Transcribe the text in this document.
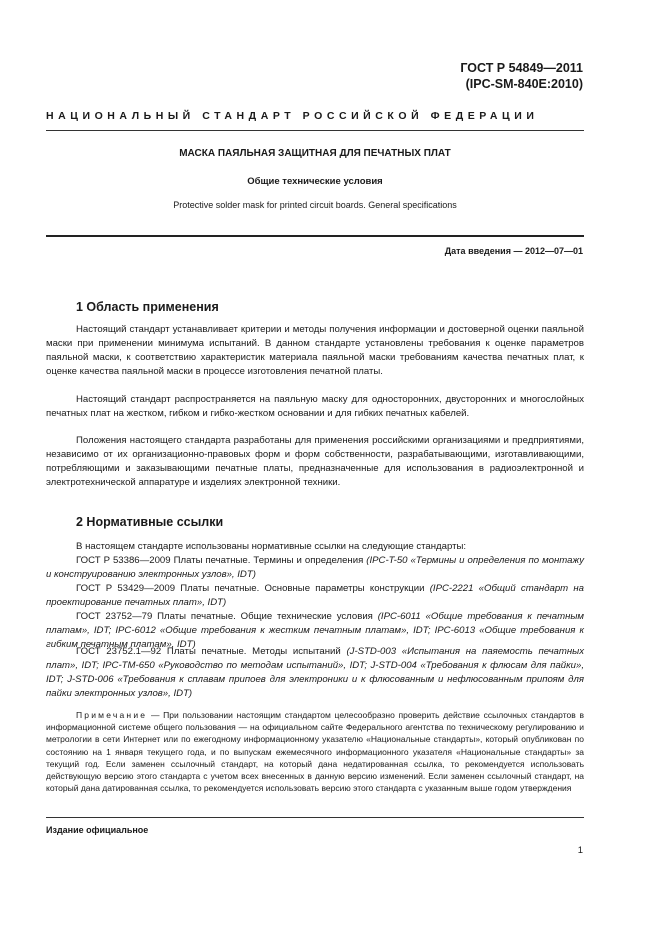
ГОСТ Р 54849—2011
(IPC-SM-840E:2010)
НАЦИОНАЛЬНЫЙ СТАНДАРТ РОССИЙСКОЙ ФЕДЕРАЦИИ
МАСКА ПАЯЛЬНАЯ ЗАЩИТНАЯ ДЛЯ ПЕЧАТНЫХ ПЛАТ
Общие технические условия
Protective solder mask for printed circuit boards. General specifications
Дата введения — 2012—07—01
1 Область применения

Настоящий стандарт устанавливает критерии и методы получения информации и достоверной оценки паяльной маски при применении минимума испытаний. В данном стандарте установлены требования к оценке параметров паяльной маски, к соответствию характеристик материала паяльной маски требованиям качества печатных плат, к оценке качества паяльной маски в процессе изготовления печатной платы.

Настоящий стандарт распространяется на паяльную маску для односторонних, двусторонних и многослойных печатных плат на жестком, гибком и гибко-жестком основании и для гибких печатных кабелей.

Положения настоящего стандарта разработаны для применения российскими организациями и предприятиями, независимо от их организационно-правовых форм и форм собственности, разрабатывающими, изготавливающими, потребляющими и заказывающими печатные платы, предназначенные для использования в радиоэлектронной и электротехнической аппаратуре и изделиях электронной техники.

2 Нормативные ссылки

В настоящем стандарте использованы нормативные ссылки на следующие стандарты:

ГОСТ Р 53386—2009 Платы печатные. Термины и определения (IPC-T-50 «Термины и определения по монтажу и конструированию электронных узлов», IDT)

ГОСТ Р 53429—2009 Платы печатные. Основные параметры конструкции (IPC-2221 «Общий стандарт на проектирование печатных плат», IDT)

ГОСТ 23752—79 Платы печатные. Общие технические условия (IPC-6011 «Общие требования к печатным платам», IDT; IPC-6012 «Общие требования к жестким печатным платам», IDT; IPC-6013 «Общие требования к гибким печатным платам», IDT)

ГОСТ 23752.1—92 Платы печатные. Методы испытаний (J-STD-003 «Испытания на паяемость печатных плат», IDT; IPC-TM-650 «Руководство по методам испытаний», IDT; J-STD-004 «Требования к флюсам для пайки», IDT; J-STD-006 «Требования к сплавам припоев для электроники и к флюсованным и нефлюсованным припоям для пайки электронных узлов», IDT)

Примечание — При пользовании настоящим стандартом целесообразно проверить действие ссылочных стандартов в информационной системе общего пользования — на официальном сайте Федерального агентства по техническому регулированию и метрологии в сети Интернет или по ежегодному информационному указателю «Национальные стандарты», который опубликован по состоянию на 1 января текущего года, и по выпускам ежемесячного информационного указателя «Национальные стандарты» за текущий год. Если заменен ссылочный стандарт, на который дана недатированная ссылка, то рекомендуется использовать действующую версию этого стандарта с учетом всех внесенных в данную версию изменений. Если заменен ссылочный стандарт, на который дана датированная ссылка, то рекомендуется использовать версию этого стандарта с указанным выше годом утверждения

Издание официальное
1
